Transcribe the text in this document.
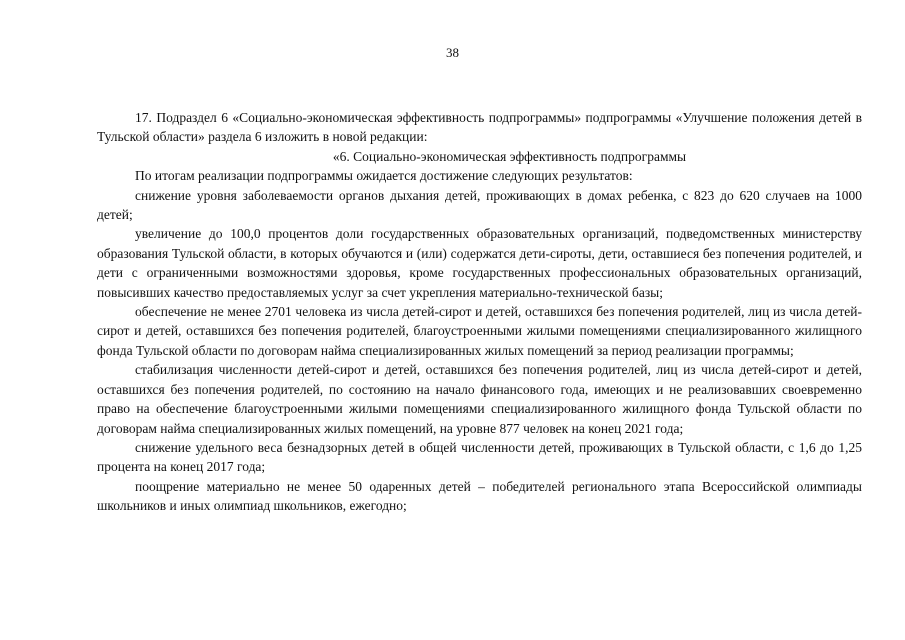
38

17. Подраздел 6 «Социально-экономическая эффективность подпрограммы» подпрограммы «Улучшение положения детей в Тульской области» раздела 6 изложить в новой редакции:

«6. Социально-экономическая эффективность подпрограммы

По итогам реализации подпрограммы ожидается достижение следующих результатов:

снижение уровня заболеваемости органов дыхания детей, проживающих в домах ребенка, с 823 до 620 случаев на 1000 детей;

увеличение до 100,0 процентов доли государственных образовательных организаций, подведомственных министерству образования Тульской области, в которых обучаются и (или) содержатся дети-сироты, дети, оставшиеся без попечения родителей, и дети с ограниченными возможностями здоровья, кроме государственных профессиональных образовательных организаций, повысивших качество предоставляемых услуг за счет укрепления материально-технической базы;

обеспечение не менее 2701 человека из числа детей-сирот и детей, оставшихся без попечения родителей, лиц из числа детей-сирот и детей, оставшихся без попечения родителей, благоустроенными жилыми помещениями специализированного жилищного фонда Тульской области по договорам найма специализированных жилых помещений за период реализации программы;

стабилизация численности детей-сирот и детей, оставшихся без попечения родителей, лиц из числа детей-сирот и детей, оставшихся без попечения родителей, по состоянию на начало финансового года, имеющих и не реализовавших своевременно право на обеспечение благоустроенными жилыми помещениями специализированного жилищного фонда Тульской области по договорам найма специализированных жилых помещений, на уровне 877 человек на конец 2021 года;

снижение удельного веса безнадзорных детей в общей численности детей, проживающих в Тульской области, с 1,6 до 1,25 процента на конец 2017 года;

поощрение материально не менее 50 одаренных детей – победителей регионального этапа Всероссийской олимпиады школьников и иных олимпиад школьников, ежегодно;
